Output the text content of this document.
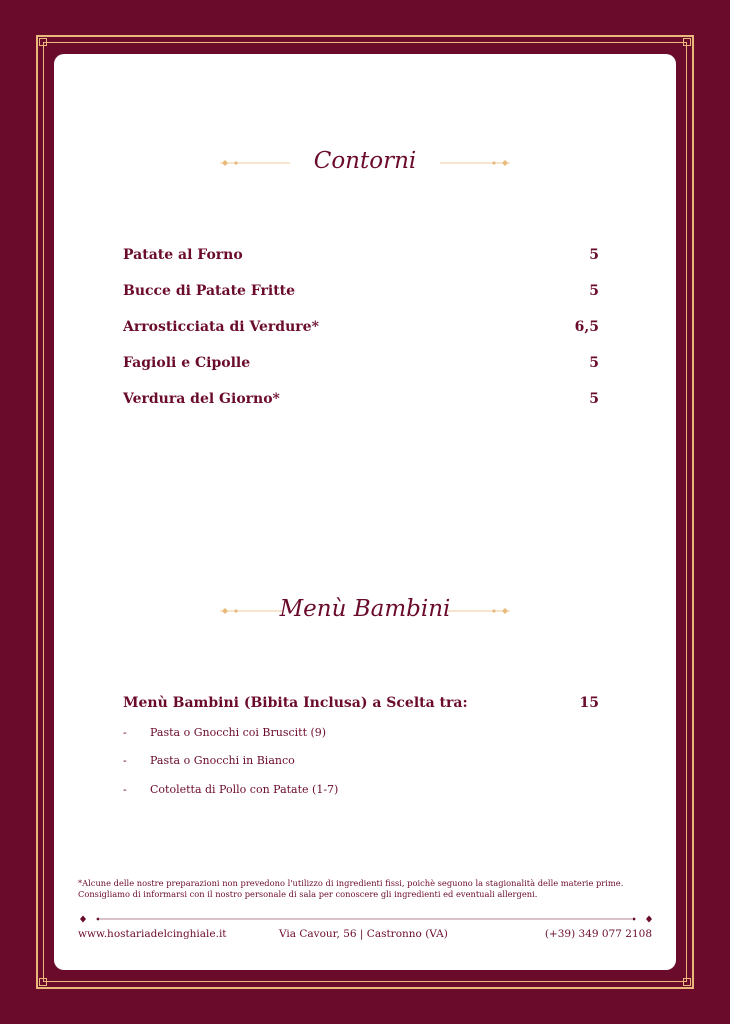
Contorni
Patate al Forno	5
Bucce di Patate Fritte	5
Arrosticciata di Verdure*	6,5
Fagioli e Cipolle	5
Verdura del Giorno*	5
Menù Bambini
Menù Bambini (Bibita Inclusa) a Scelta tra:	15
- Pasta o Gnocchi coi Bruscitt (9)
- Pasta o Gnocchi in Bianco
- Cotoletta di Pollo con Patate (1-7)
*Alcune delle nostre preparazioni non prevedono l'utilizzo di ingredienti fissi, poichè seguono la stagionalità delle materie prime.
Consigliamo di informarsi con il nostro personale di sala per conoscere gli ingredienti ed eventuali allergeni.
www.hostariadelcinghiale.it	Via Cavour, 56 | Castronno (VA)	(+39) 349 077 2108
